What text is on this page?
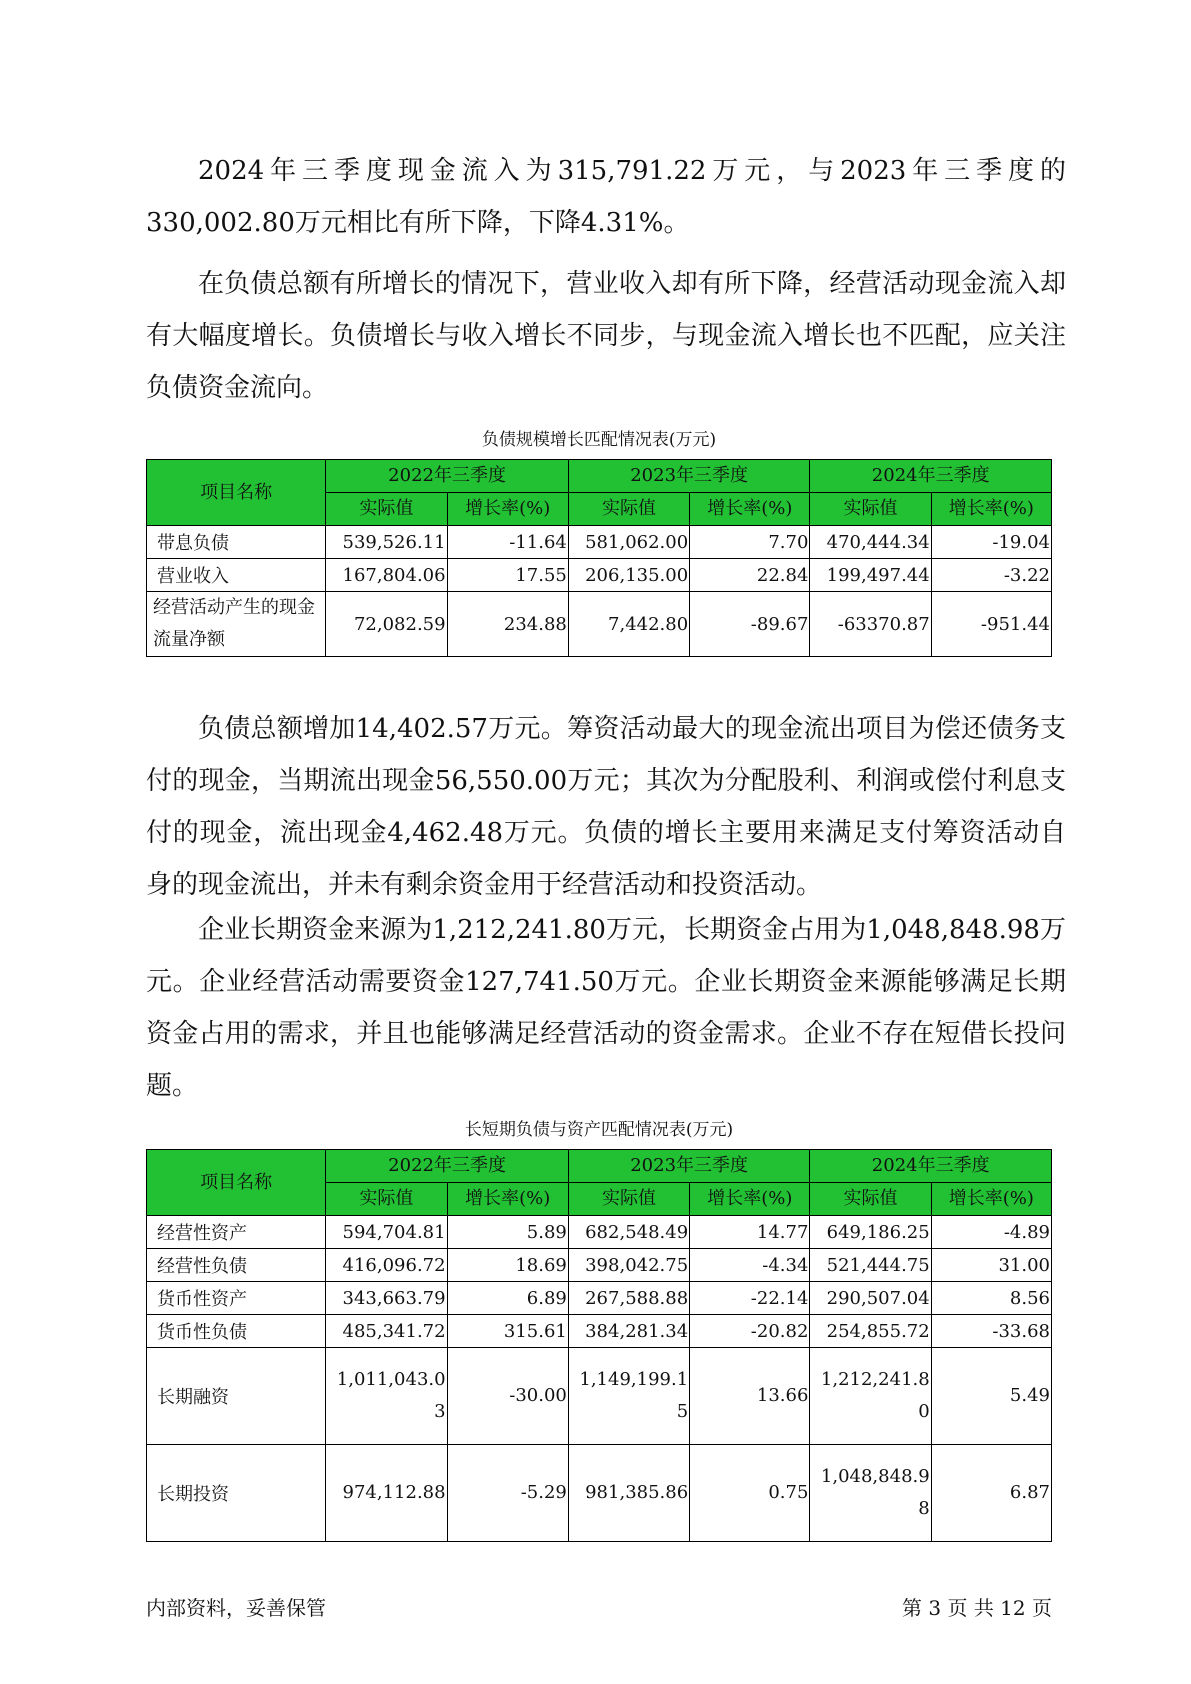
2024年三季度现金流入为315,791.22万元，与2023年三季度的330,002.80万元相比有所下降，下降4.31%。

在负债总额有所增长的情况下，营业收入却有所下降，经营活动现金流入却有大幅度增长。负债增长与收入增长不同步，与现金流入增长也不匹配，应关注负债资金流向。

负债规模增长匹配情况表(万元)
项目名称	2022年三季度		2023年三季度		2024年三季度	
	实际值	增长率(%)	实际值	增长率(%)	实际值	增长率(%)
带息负债	539,526.11	-11.64	581,062.00	7.70	470,444.34	-19.04
营业收入	167,804.06	17.55	206,135.00	22.84	199,497.44	-3.22
经营活动产生的现金流量净额	72,082.59	234.88	7,442.80	-89.67	-63370.87	-951.44

负债总额增加14,402.57万元。筹资活动最大的现金流出项目为偿还债务支付的现金，当期流出现金56,550.00万元；其次为分配股利、利润或偿付利息支付的现金，流出现金4,462.48万元。负债的增长主要用来满足支付筹资活动自身的现金流出，并未有剩余资金用于经营活动和投资活动。

企业长期资金来源为1,212,241.80万元，长期资金占用为1,048,848.98万元。企业经营活动需要资金127,741.50万元。企业长期资金来源能够满足长期资金占用的需求，并且也能够满足经营活动的资金需求。企业不存在短借长投问题。

长短期负债与资产匹配情况表(万元)
项目名称	2022年三季度		2023年三季度		2024年三季度	
	实际值	增长率(%)	实际值	增长率(%)	实际值	增长率(%)
经营性资产	594,704.81	5.89	682,548.49	14.77	649,186.25	-4.89
经营性负债	416,096.72	18.69	398,042.75	-4.34	521,444.75	31.00
货币性资产	343,663.79	6.89	267,588.88	-22.14	290,507.04	8.56
货币性负债	485,341.72	315.61	384,281.34	-20.82	254,855.72	-33.68
长期融资	1,011,043.03	-30.00	1,149,199.15	13.66	1,212,241.80	5.49
长期投资	974,112.88	-5.29	981,385.86	0.75	1,048,848.98	6.87
内部资料，妥善保管	第 3 页 共 12 页
